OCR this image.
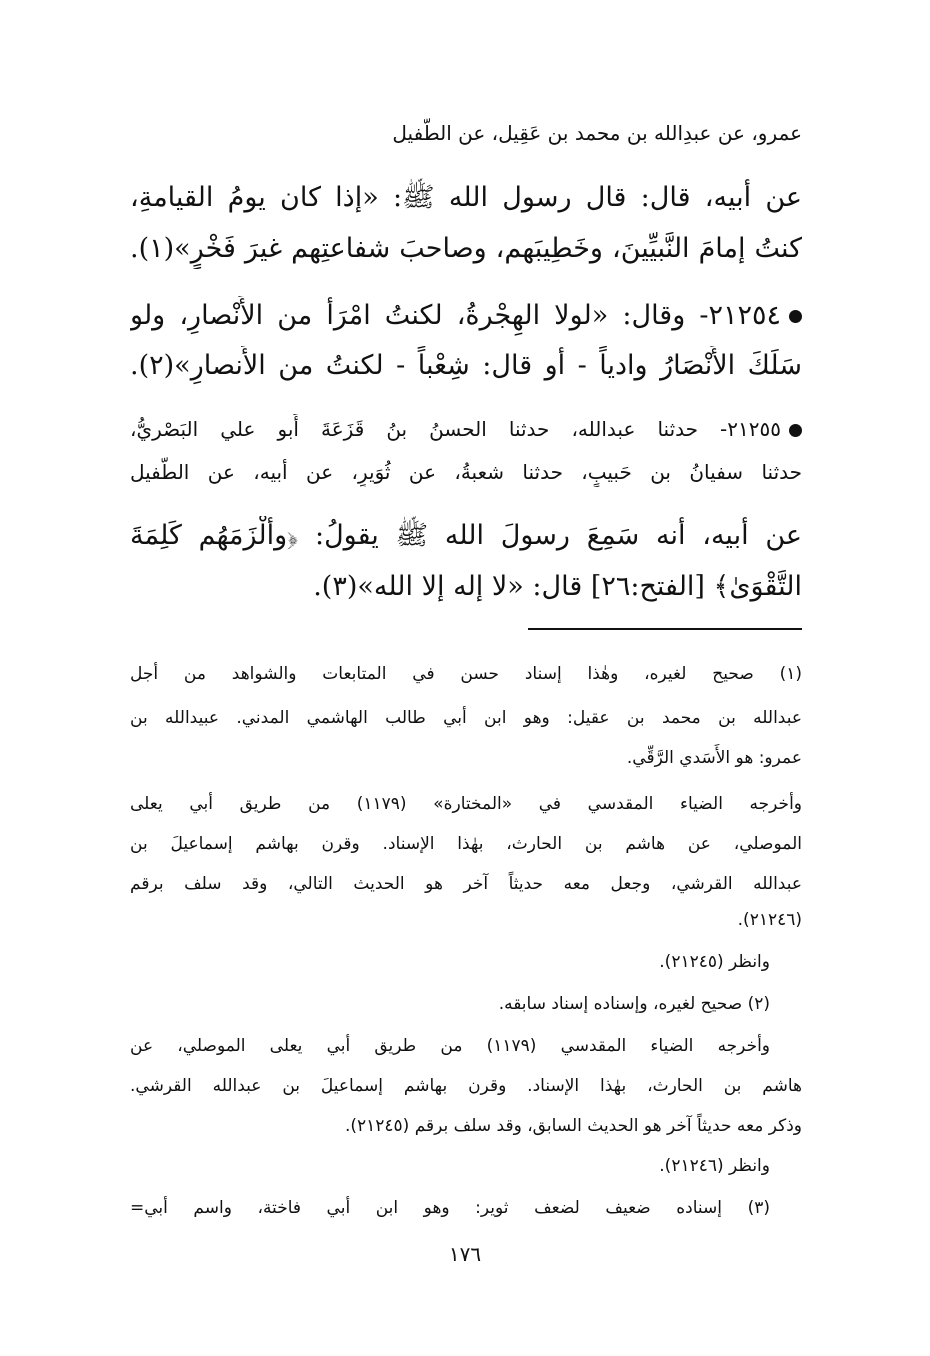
عمرو، عن عبدِالله بن محمد بن عَقِيل، عن الطُّفيل
عن أبيه، قال: قال رسول الله ﷺ: «إذا كان يومُ القيامةِ،
كنتُ إمامَ النَّبيِّينَ، وخَطِيبَهم، وصاحبَ شفاعتِهم غيرَ فَخْرٍ»(١).
٢١٢٥٤- وقال: «لولا الهِجْرةُ، لكنتُ امْرَأً من الأَنْصارِ، ولو
سَلَكَ الأَنْصَارُ وادياً - أو قال: شِعْباً - لكنتُ من الأَنصارِ»(٢).
٢١٢٥٥- حدثنا عبدالله، حدثنا الحسنُ بنُ قَزَعَةَ أَبو علي البَصْريُّ،
حدثنا سفيانُ بن حَبيبٍ، حدثنا شعبةُ، عن ثُوَيرٍ، عن أبيه، عن الطُّفيل
عن أبيه، أَنه سَمِعَ رسولَ الله ﷺ يقولُ: ﴿وأَلْزَمَهُم كَلِمَةَ
التَّقْوَىٰ﴾ [الفتح:٢٦] قال: «لا إله إلا الله»(٣).
(١) صحيح لغيره، وهٰذا إسناد حسن في المتابعات والشواهد من أجل
عبدالله بن محمد بن عقيل: وهو ابن أبي طالب الهاشمي المدني. عبيدالله بن
عمرو: هو الأَسَدي الرَّقِّي.
وأخرجه الضياء المقدسي في «المختارة» (١١٧٩) من طريق أبي يعلى
الموصلي، عن هاشم بن الحارث، بهٰذا الإسناد. وقرن بهاشم إسماعيلَ بن
عبدالله القرشي، وجعل معه حديثاً آخر هو الحديث التالي، وقد سلف برقم
(٢١٢٤٦).
وانظر (٢١٢٤٥).
(٢) صحيح لغيره، وإسناده إسناد سابقه.
وأخرجه الضياء المقدسي (١١٧٩) من طريق أبي يعلى الموصلي، عن
هاشم بن الحارث، بهٰذا الإسناد. وقرن بهاشم إسماعيلَ بن عبدالله القرشي.
وذكر معه حديثاً آخر هو الحديث السابق، وقد سلف برقم (٢١٢٤٥).
وانظر (٢١٢٤٦).
(٣) إسناده ضعيف لضعف ثوير: وهو ابن أبي فاختة، واسم أبي=
١٧٦
